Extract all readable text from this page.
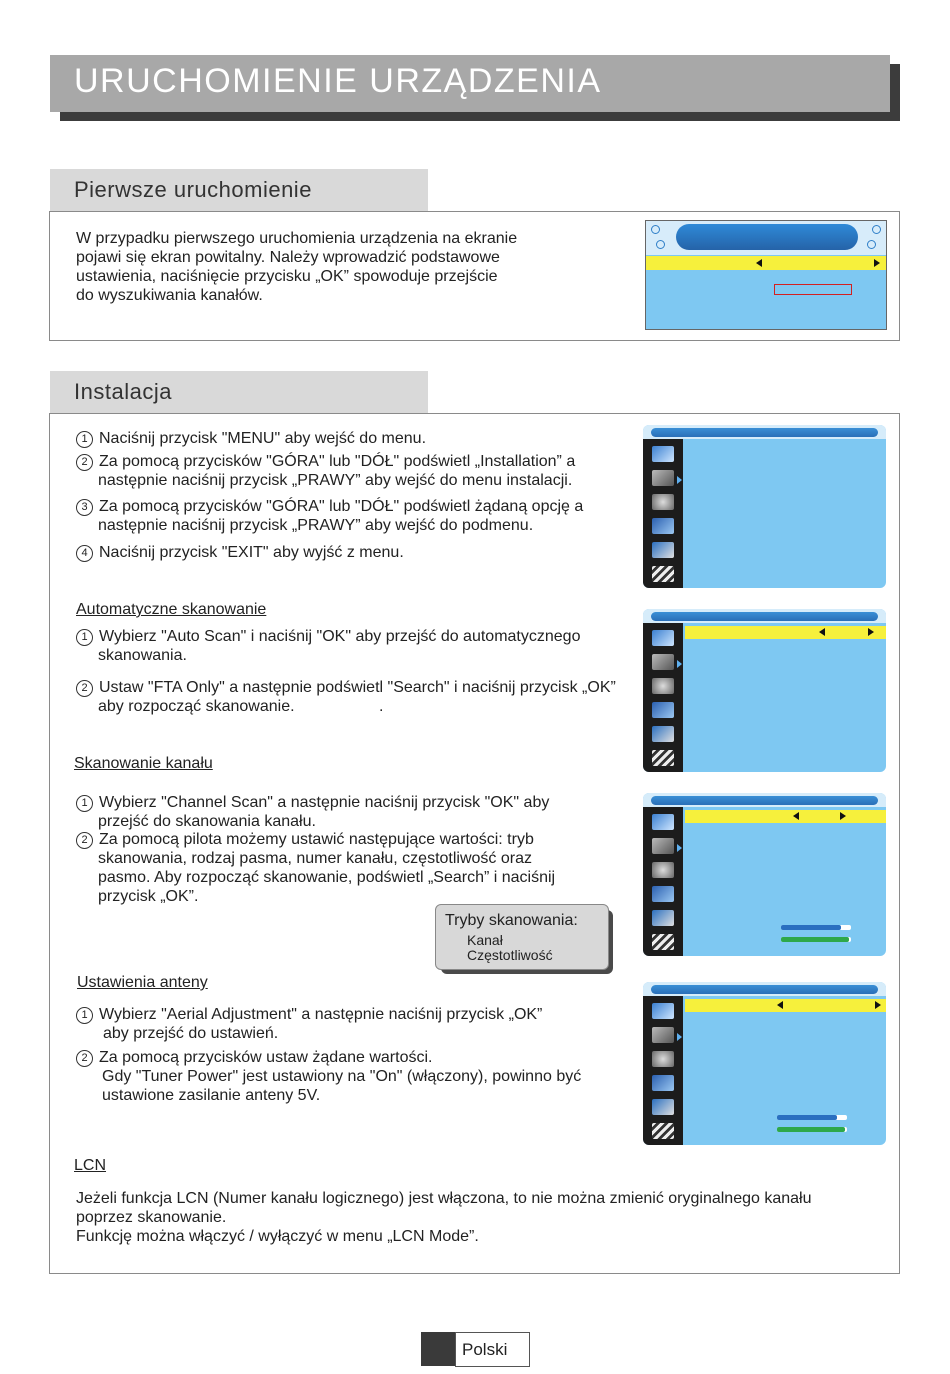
URUCHOMIENIE URZĄDZENIA
Pierwsze uruchomienie
W przypadku pierwszego uruchomienia urządzenia na ekranie
pojawi się ekran powitalny. Należy wprowadzić podstawowe
ustawienia, naciśnięcie przycisku „OK” spowoduje przejście
do wyszukiwania kanałów.
Instalacja
1 Naciśnij przycisk "MENU" aby wejść do menu.
2 Za pomocą przycisków "GÓRA" lub "DÓŁ" podświetl „Installation” a
następnie naciśnij przycisk „PRAWY” aby wejść do menu instalacji.
3 Za pomocą przycisków "GÓRA" lub "DÓŁ" podświetl żądaną opcję a
następnie naciśnij przycisk „PRAWY” aby wejść do podmenu.
4 Naciśnij przycisk "EXIT" aby wyjść z menu.
Automatyczne skanowanie
1 Wybierz "Auto Scan" i naciśnij "OK" aby przejść do automatycznego
skanowania.
2 Ustaw "FTA Only" a następnie podświetl "Search" i naciśnij przycisk „OK”
aby rozpocząć skanowanie.                   .
Skanowanie kanału
1 Wybierz "Channel Scan" a następnie naciśnij przycisk "OK" aby
przejść do skanowania kanału.
2 Za pomocą pilota możemy ustawić następujące wartości: tryb
skanowania, rodzaj pasma, numer kanału, częstotliwość oraz
pasmo. Aby rozpocząć skanowanie, podświetl „Search” i naciśnij
przycisk „OK”.
Tryby skanowania:
Kanał
Częstotliwość
Ustawienia anteny
1 Wybierz "Aerial Adjustment" a następnie naciśnij przycisk „OK”
aby przejść do ustawień.
2 Za pomocą przycisków ustaw żądane wartości.
Gdy "Tuner Power" jest ustawiony na "On" (włączony), powinno być
ustawione zasilanie anteny 5V.
LCN
Jeżeli funkcja LCN (Numer kanału logicznego) jest włączona, to nie można zmienić oryginalnego kanału
poprzez skanowanie.
Funkcję można włączyć / wyłączyć w menu „LCN Mode”.
Polski
